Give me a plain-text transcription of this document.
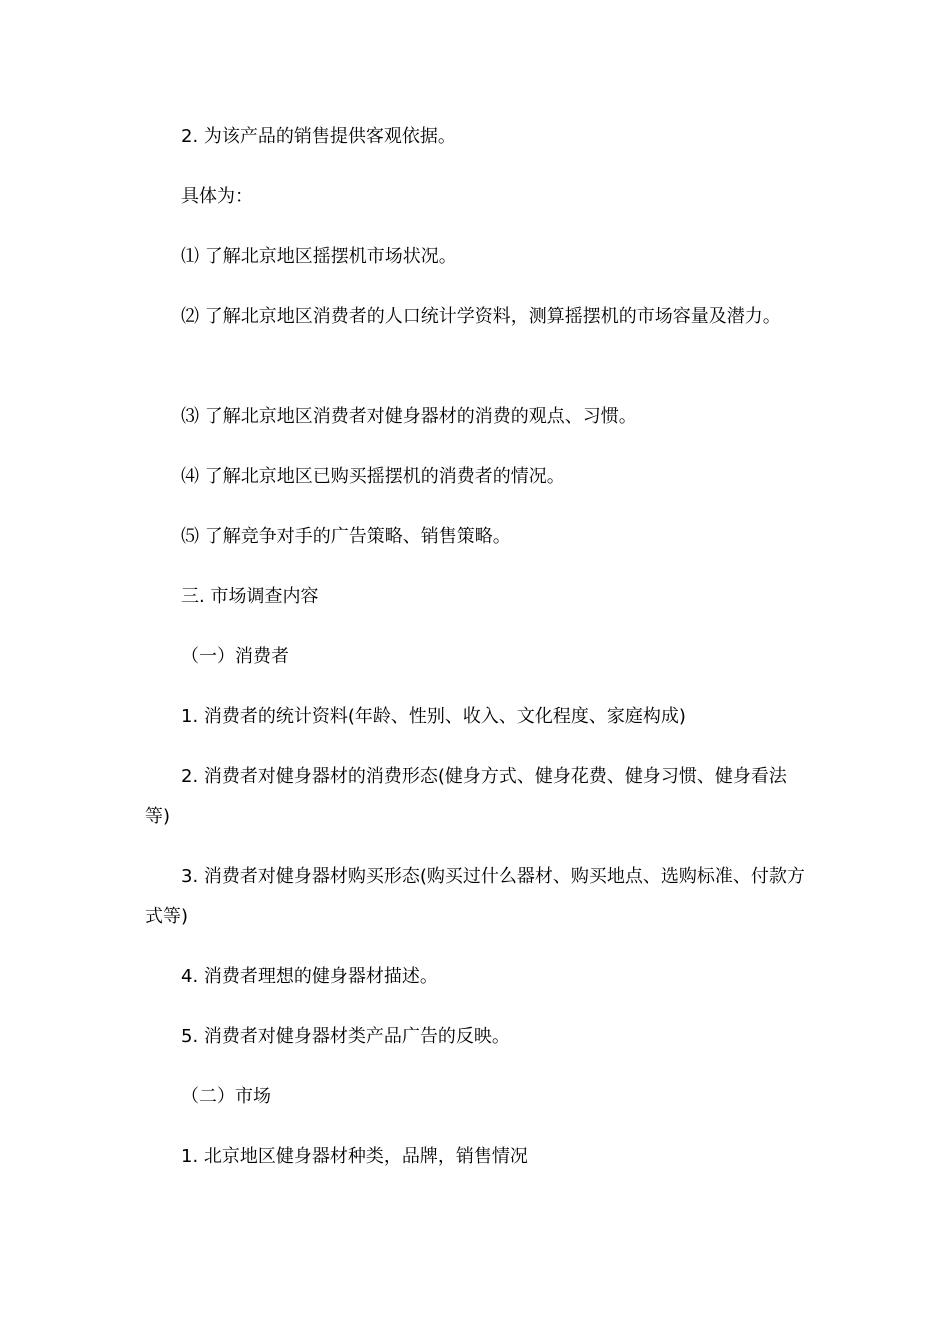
2. 为该产品的销售提供客观依据。

具体为：

⑴ 了解北京地区摇摆机市场状况。

⑵ 了解北京地区消费者的人口统计学资料，测算摇摆机的市场容量及潜力。

⑶ 了解北京地区消费者对健身器材的消费的观点、习惯。

⑷ 了解北京地区已购买摇摆机的消费者的情况。

⑸ 了解竞争对手的广告策略、销售策略。

三. 市场调查内容

（一）消费者

1. 消费者的统计资料(年龄、性别、收入、文化程度、家庭构成)

2. 消费者对健身器材的消费形态(健身方式、健身花费、健身习惯、健身看法等)

3. 消费者对健身器材购买形态(购买过什么器材、购买地点、选购标准、付款方式等)

4. 消费者理想的健身器材描述。

5. 消费者对健身器材类产品广告的反映。

（二）市场

1. 北京地区健身器材种类，品牌，销售情况
